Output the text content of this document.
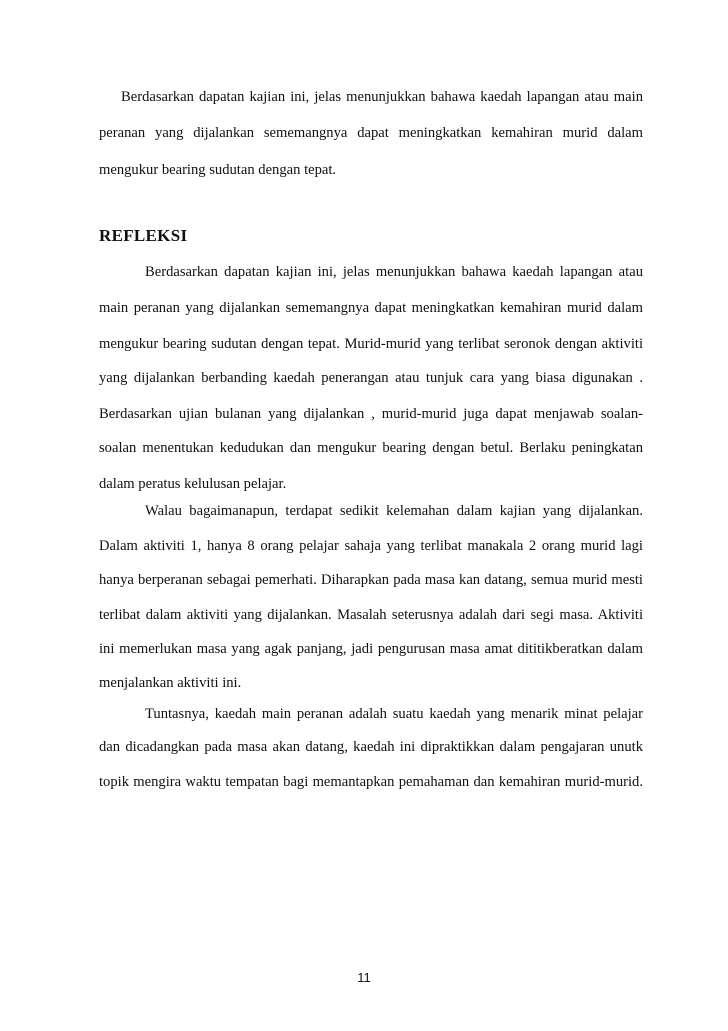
Berdasarkan dapatan kajian ini, jelas menunjukkan bahawa kaedah lapangan atau main
peranan yang dijalankan sememangnya dapat meningkatkan kemahiran murid dalam
mengukur bearing sudutan dengan tepat.
REFLEKSI
Berdasarkan dapatan kajian ini, jelas menunjukkan bahawa kaedah lapangan atau
main peranan yang dijalankan sememangnya dapat meningkatkan kemahiran murid dalam
mengukur bearing sudutan dengan tepat. Murid-murid yang terlibat seronok dengan aktiviti
yang dijalankan berbanding kaedah penerangan atau tunjuk cara yang biasa digunakan .
Berdasarkan ujian bulanan yang dijalankan , murid-murid juga dapat menjawab soalan-
soalan menentukan kedudukan dan mengukur bearing dengan betul. Berlaku peningkatan
dalam peratus kelulusan pelajar.
Walau bagaimanapun, terdapat sedikit kelemahan dalam kajian yang dijalankan.
Dalam aktiviti 1, hanya 8 orang pelajar sahaja yang terlibat manakala 2 orang murid lagi
hanya berperanan sebagai pemerhati. Diharapkan pada masa kan datang, semua murid mesti
terlibat dalam aktiviti yang dijalankan. Masalah seterusnya adalah dari segi masa. Aktiviti
ini memerlukan masa yang agak panjang, jadi pengurusan masa amat dititikberatkan dalam
menjalankan aktiviti ini.
Tuntasnya, kaedah main peranan adalah suatu kaedah yang menarik minat pelajar
dan dicadangkan pada masa akan datang, kaedah ini dipraktikkan dalam pengajaran unutk
topik mengira waktu tempatan bagi memantapkan pemahaman dan kemahiran murid-murid.
11
